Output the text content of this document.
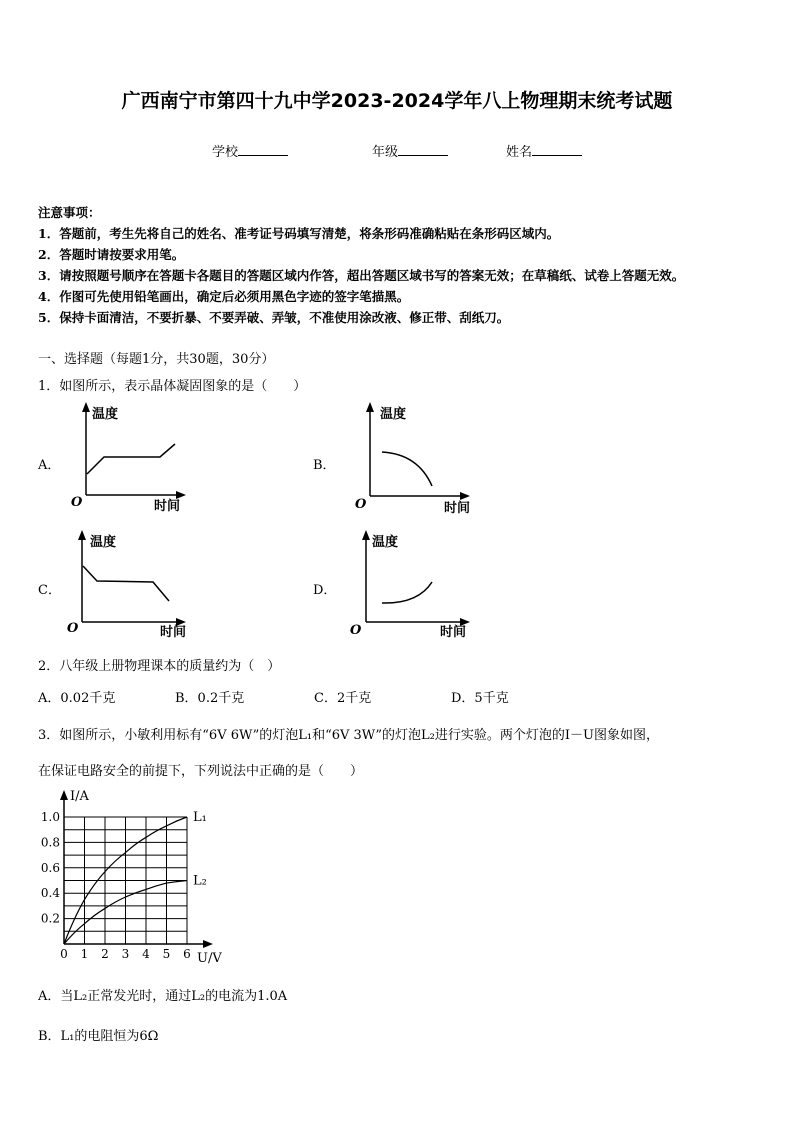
广西南宁市第四十九中学2023-2024学年八上物理期末统考试题
学校	年级	姓名
注意事项：
1．答题前，考生先将自己的姓名、准考证号码填写清楚，将条形码准确粘贴在条形码区域内。
2．答题时请按要求用笔。
3．请按照题号顺序在答题卡各题目的答题区域内作答，超出答题区域书写的答案无效；在草稿纸、试卷上答题无效。
4．作图可先使用铅笔画出，确定后必须用黑色字迹的签字笔描黑。
5．保持卡面清洁，不要折暴、不要弄破、弄皱，不准使用涂改液、修正带、刮纸刀。
一、选择题（每题1分，共30题，30分）
1．如图所示，表示晶体凝固图象的是（　　）
A．	B．
C．	D．
温度
时间
O
温度
时间
O
温度
时间
O
温度
时间
O
2．八年级上册物理课本的质量约为（　）
A．0.02千克	B．0.2千克	C．2千克	D．5千克
3．如图所示，小敏利用标有“6V 6W”的灯泡L₁和“6V 3W”的灯泡L₂进行实验。两个灯泡的I－U图象如图，
在保证电路安全的前提下，下列说法中正确的是（　　）
I/A
U/V
0 1 2 3 4 5 6
0.2
0.4
0.6
0.8
1.0	L₁
L₂
A．当L₂正常发光时，通过L₂的电流为1.0A
B．L₁的电阻恒为6Ω
